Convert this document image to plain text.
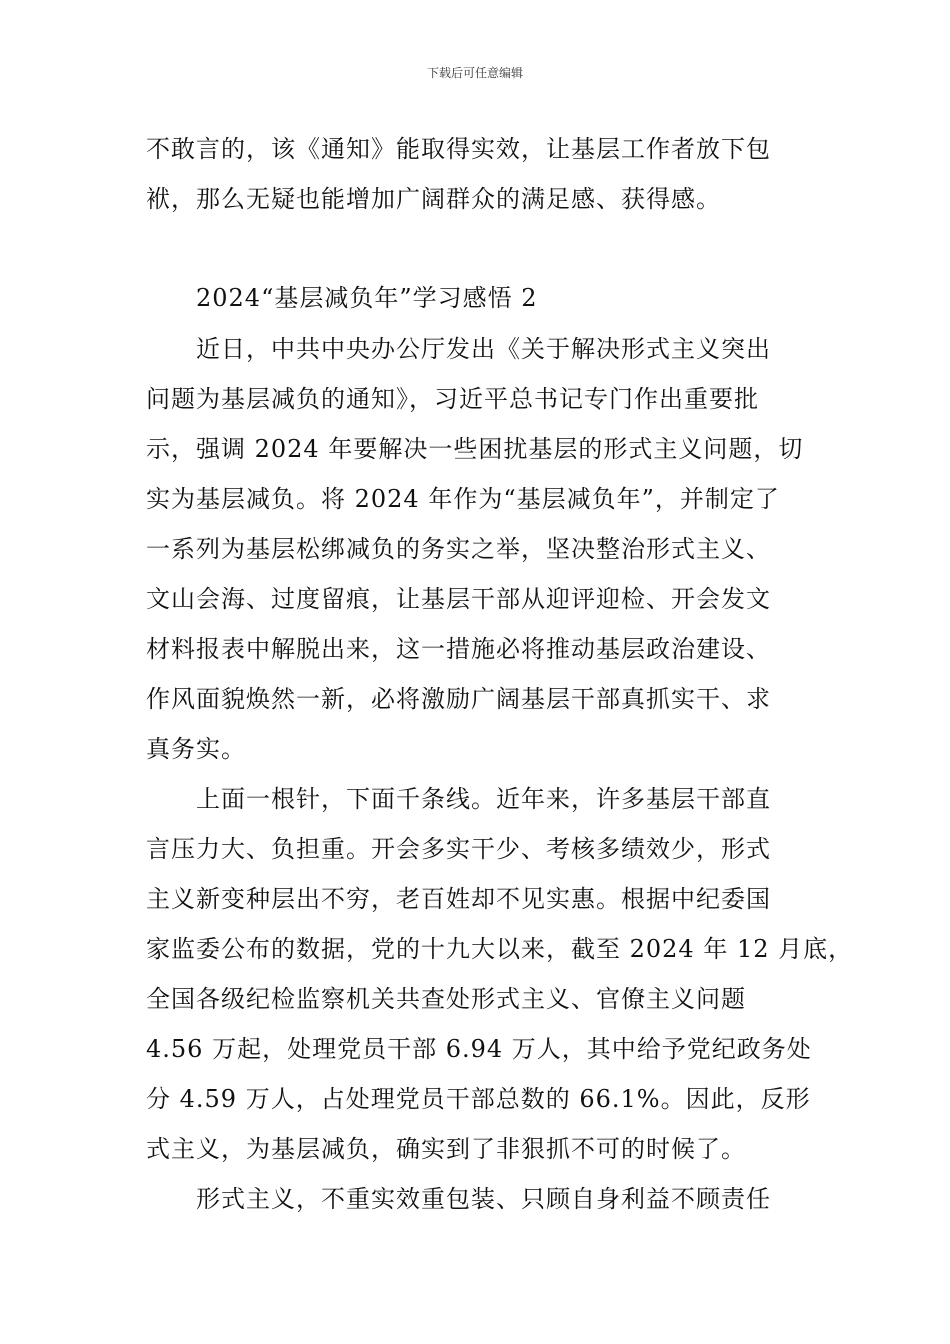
下载后可任意编辑
不敢言的，该《通知》能取得实效，让基层工作者放下包
袱，那么无疑也能增加广阔群众的满足感、获得感。
2024“基层减负年”学习感悟 2
近日，中共中央办公厅发出《关于解决形式主义突出
问题为基层减负的通知》，习近平总书记专门作出重要批
示，强调 2024 年要解决一些困扰基层的形式主义问题，切
实为基层减负。将 2024 年作为“基层减负年”，并制定了
一系列为基层松绑减负的务实之举，坚决整治形式主义、
文山会海、过度留痕，让基层干部从迎评迎检、开会发文
材料报表中解脱出来，这一措施必将推动基层政治建设、
作风面貌焕然一新，必将激励广阔基层干部真抓实干、求
真务实。
上面一根针，下面千条线。近年来，许多基层干部直
言压力大、负担重。开会多实干少、考核多绩效少，形式
主义新变种层出不穷，老百姓却不见实惠。根据中纪委国
家监委公布的数据，党的十九大以来，截至 2024 年 12 月底，
全国各级纪检监察机关共查处形式主义、官僚主义问题
4.56 万起，处理党员干部 6.94 万人，其中给予党纪政务处
分 4.59 万人，占处理党员干部总数的 66.1%。因此，反形
式主义，为基层减负，确实到了非狠抓不可的时候了。
形式主义，不重实效重包装、只顾自身利益不顾责任
